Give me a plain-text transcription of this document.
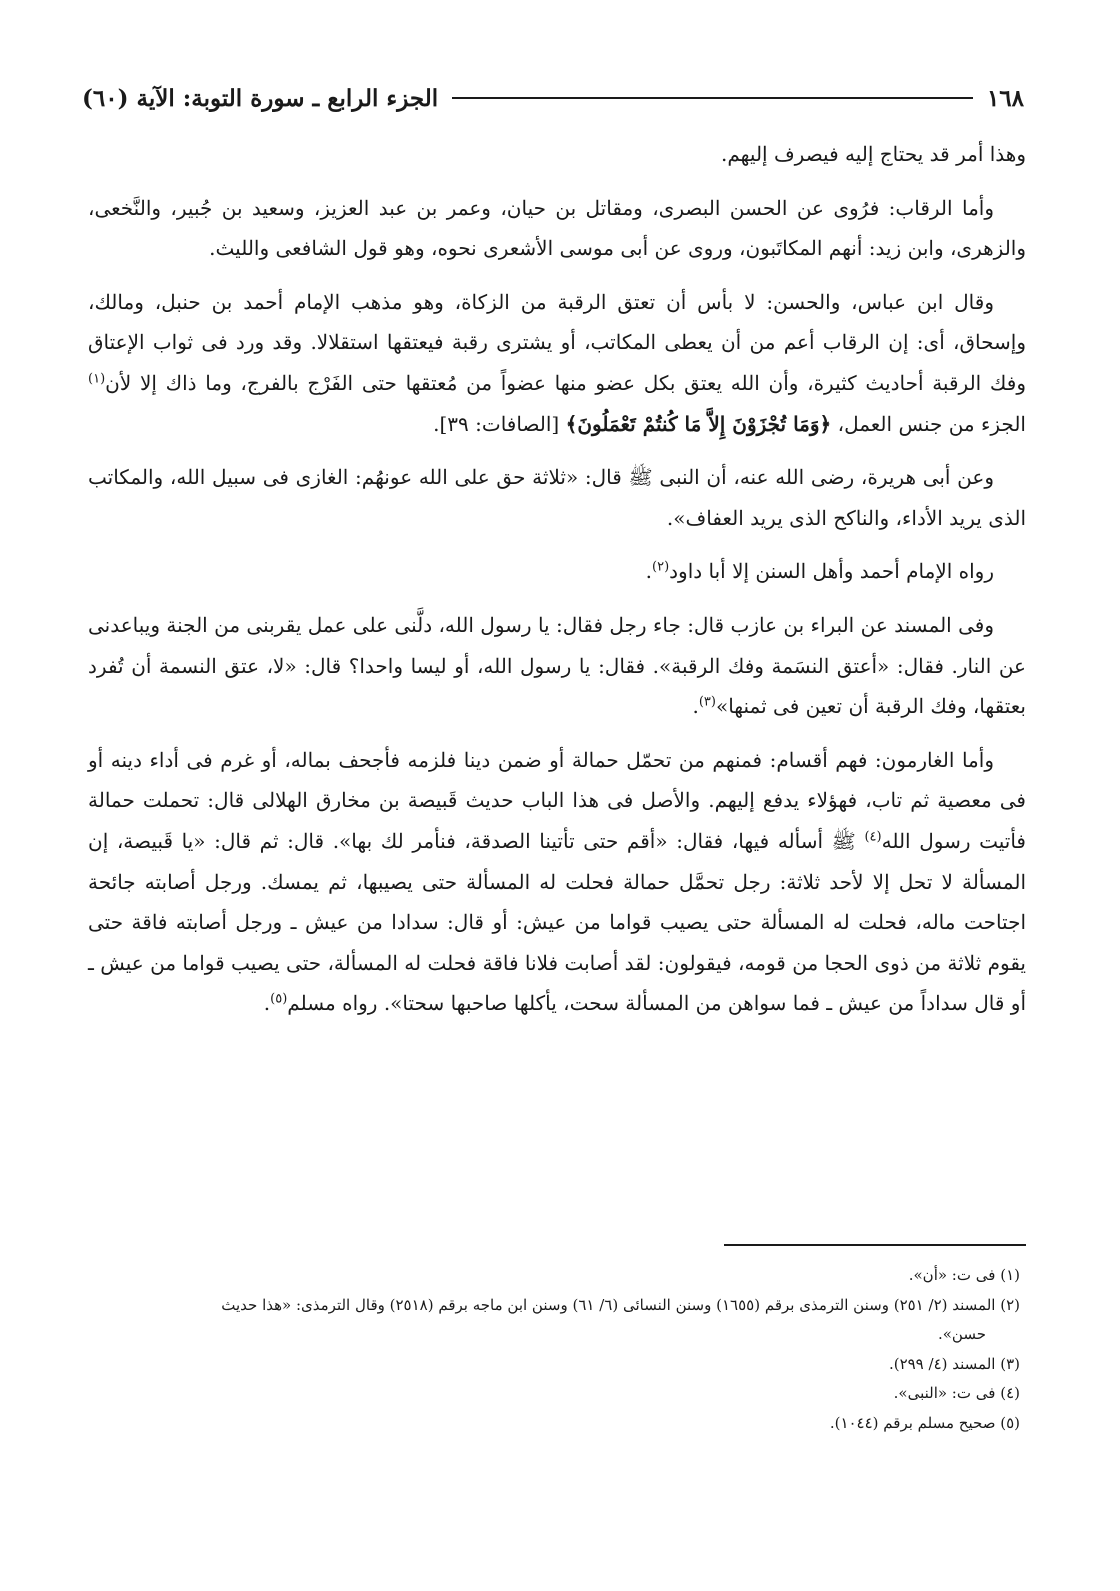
١٦٨
الجزء الرابع ـ سورة التوبة: الآية (٦٠)

وهذا أمر قد يحتاج إليه فيصرف إليهم.

وأما الرقاب: فرُوى عن الحسن البصرى، ومقاتل بن حيان، وعمر بن عبد العزيز، وسعيد بن جُبير، والنَّخعى، والزهرى، وابن زيد: أنهم المكاتَبون، وروى عن أبى موسى الأشعرى نحوه، وهو قول الشافعى والليث.

وقال ابن عباس، والحسن: لا بأس أن تعتق الرقبة من الزكاة، وهو مذهب الإمام أحمد بن حنبل، ومالك، وإسحاق، أى: إن الرقاب أعم من أن يعطى المكاتب، أو يشترى رقبة فيعتقها استقلالا. وقد ورد فى ثواب الإعتاق وفك الرقبة أحاديث كثيرة، وأن الله يعتق بكل عضو منها عضواً من مُعتقها حتى الفَرْج بالفرج، وما ذاك إلا لأن$^{(١)}$ الجزء من جنس العمل، ﴿وَمَا تُجْزَوْنَ إِلاَّ مَا كُنتُمْ تَعْمَلُونَ﴾ [الصافات: ٣٩].

وعن أبى هريرة، رضى الله عنه، أن النبى ﷺ قال: «ثلاثة حق على الله عونهُم: الغازى فى سبيل الله، والمكاتب الذى يريد الأداء، والناكح الذى يريد العفاف».

رواه الإمام أحمد وأهل السنن إلا أبا داود$^{(٢)}$.

وفى المسند عن البراء بن عازب قال: جاء رجل فقال: يا رسول الله، دلَّنى على عمل يقربنى من الجنة ويباعدنى عن النار. فقال: «أعتق النسَمة وفك الرقبة». فقال: يا رسول الله، أو ليسا واحدا؟ قال: «لا، عتق النسمة أن تُفرد بعتقها، وفك الرقبة أن تعين فى ثمنها»$^{(٣)}$.

وأما الغارمون: فهم أقسام: فمنهم من تحمّل حمالة أو ضمن دينا فلزمه فأجحف بماله، أو غرم فى أداء دينه أو فى معصية ثم تاب، فهؤلاء يدفع إليهم. والأصل فى هذا الباب حديث قَبيصة بن مخارق الهلالى قال: تحملت حمالة فأتيت رسول الله$^{(٤)}$ ﷺ أسأله فيها، فقال: «أقم حتى تأتينا الصدقة، فنأمر لك بها». قال: ثم قال: «يا قَبيصة، إن المسألة لا تحل إلا لأحد ثلاثة: رجل تحمَّل حمالة فحلت له المسألة حتى يصيبها، ثم يمسك. ورجل أصابته جائحة اجتاحت ماله، فحلت له المسألة حتى يصيب قواما من عيش: أو قال: سدادا من عيش ـ ورجل أصابته فاقة حتى يقوم ثلاثة من ذوى الحجا من قومه، فيقولون: لقد أصابت فلانا فاقة فحلت له المسألة، حتى يصيب قواما من عيش ـ أو قال سداداً من عيش ـ فما سواهن من المسألة سحت، يأكلها صاحبها سحتا». رواه مسلم$^{(٥)}$.

(١) فى ت: «أن».

(٢) المسند (٢/ ٢٥١) وسنن الترمذى برقم (١٦٥٥) وسنن النسائى (٦/ ٦١) وسنن ابن ماجه برقم (٢٥١٨) وقال الترمذى: «هذا حديث

حسن».

(٣) المسند (٤/ ٢٩٩).

(٤) فى ت: «النبى».

(٥) صحيح مسلم برقم (١٠٤٤).
